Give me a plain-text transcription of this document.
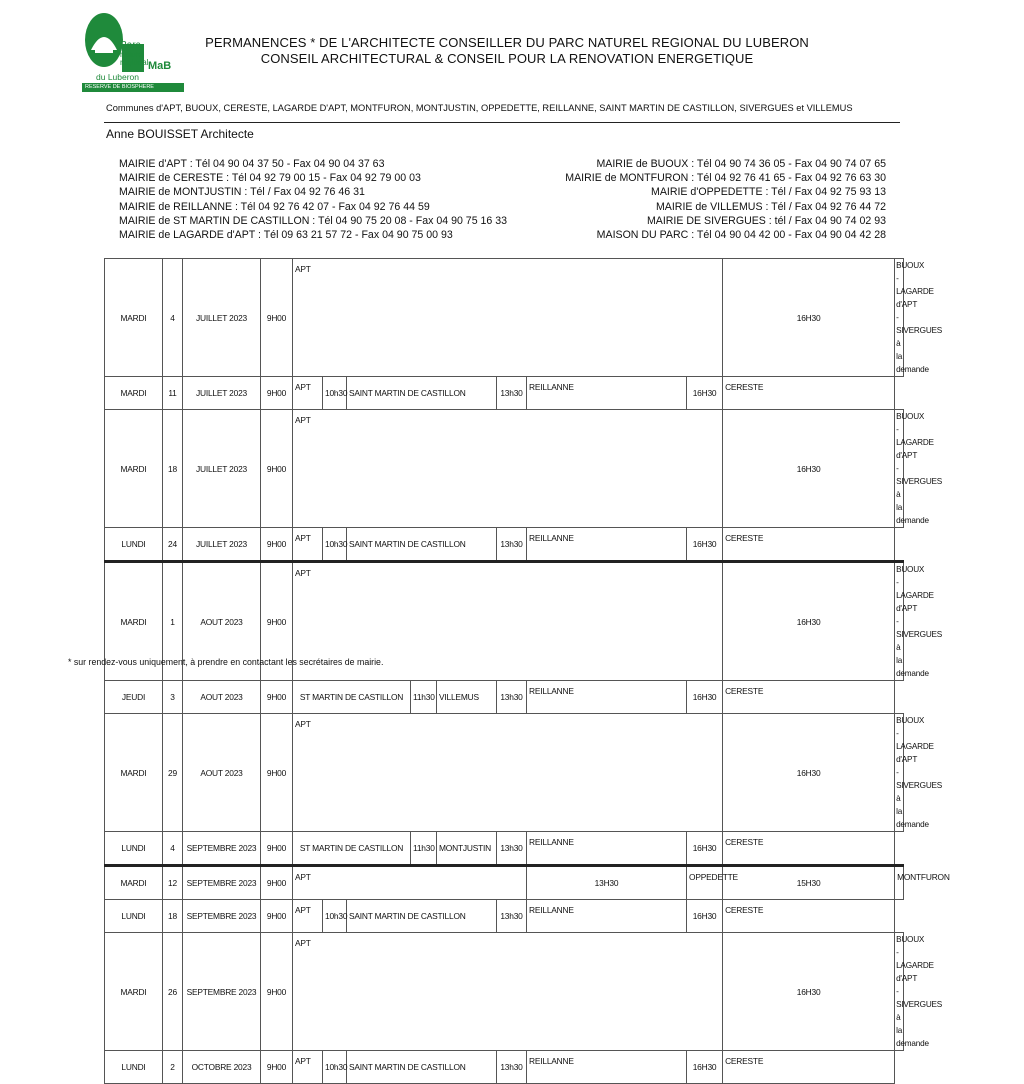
Parc
naturel
régional
du Luberon
RESERVE DE BIOSPHERE
MaB
PERMANENCES * DE L'ARCHITECTE CONSEILLER DU PARC NATUREL REGIONAL DU LUBERON
CONSEIL ARCHITECTURAL & CONSEIL POUR LA RENOVATION ENERGETIQUE
Communes d'APT, BUOUX, CERESTE, LAGARDE D'APT, MONTFURON, MONTJUSTIN, OPPEDETTE, REILLANNE, SAINT MARTIN DE CASTILLON, SIVERGUES et VILLEMUS
Anne BOUISSET Architecte
MAIRIE d'APT : Tél 04 90 04 37 50 - Fax 04 90 04 37 63
MAIRIE de CERESTE : Tél 04 92 79 00 15 - Fax 04 92 79 00 03
MAIRIE de MONTJUSTIN : Tél / Fax 04 92 76 46 31
MAIRIE de REILLANNE : Tél 04 92 76 42 07 - Fax 04 92 76 44 59
MAIRIE de ST MARTIN DE CASTILLON : Tél 04 90 75 20 08 - Fax 04 90 75 16 33
MAIRIE de LAGARDE d'APT : Tél 09 63 21 57 72 - Fax 04 90 75 00 93
MAIRIE de BUOUX : Tél 04 90 74 36 05 - Fax 04 90 74 07 65
MAIRIE de MONTFURON : Tél 04 92 76 41 65 - Fax 04 92 76 63 30
MAIRIE d'OPPEDETTE : Tél / Fax 04 92 75 93 13
MAIRIE de VILLEMUS : Tél / Fax 04 92 76 44 72
MAIRIE DE SIVERGUES : tél / Fax 04 90 74 02 93
MAISON DU PARC : Tél 04 90 04 42 00 - Fax 04 90 04 42 28
MARDI	4	JUILLET 2023	9H00	APT								16H30	BUOUX - LAGARDE d'APT - SIVERGUES à la demande
MARDI	11	JUILLET 2023	9H00	APT	10h30	SAINT MARTIN DE CASTILLON			13h30	REILLANNE	16H30	CERESTE	
MARDI	18	JUILLET 2023	9H00	APT								16H30	BUOUX - LAGARDE d'APT - SIVERGUES à la demande
LUNDI	24	JUILLET 2023	9H00	APT	10h30	SAINT MARTIN DE CASTILLON			13h30	REILLANNE	16H30	CERESTE	
MARDI	1	AOUT 2023	9H00	APT								16H30	BUOUX - LAGARDE d'APT - SIVERGUES à la demande
JEUDI	3	AOUT 2023	9H00	ST MARTIN DE CASTILLON			11h30	VILLEMUS	13h30	REILLANNE	16H30	CERESTE	
MARDI	29	AOUT 2023	9H00	APT								16H30	BUOUX - LAGARDE d'APT - SIVERGUES à la demande
LUNDI	4	SEPTEMBRE 2023	9H00	ST MARTIN DE CASTILLON			11h30	MONTJUSTIN	13h30	REILLANNE	16H30	CERESTE	
MARDI	12	SEPTEMBRE 2023	9H00	APT						13H30	OPPEDETTE	15H30	MONTFURON
LUNDI	18	SEPTEMBRE 2023	9H00	APT	10h30	SAINT MARTIN DE CASTILLON			13h30	REILLANNE	16H30	CERESTE	
MARDI	26	SEPTEMBRE 2023	9H00	APT								16H30	BUOUX - LAGARDE d'APT - SIVERGUES à la demande
LUNDI	2	OCTOBRE 2023	9H00	APT	10h30	SAINT MARTIN DE CASTILLON			13h30	REILLANNE	16H30	CERESTE	
* sur rendez-vous uniquement, à prendre en contactant les secrétaires de mairie.
